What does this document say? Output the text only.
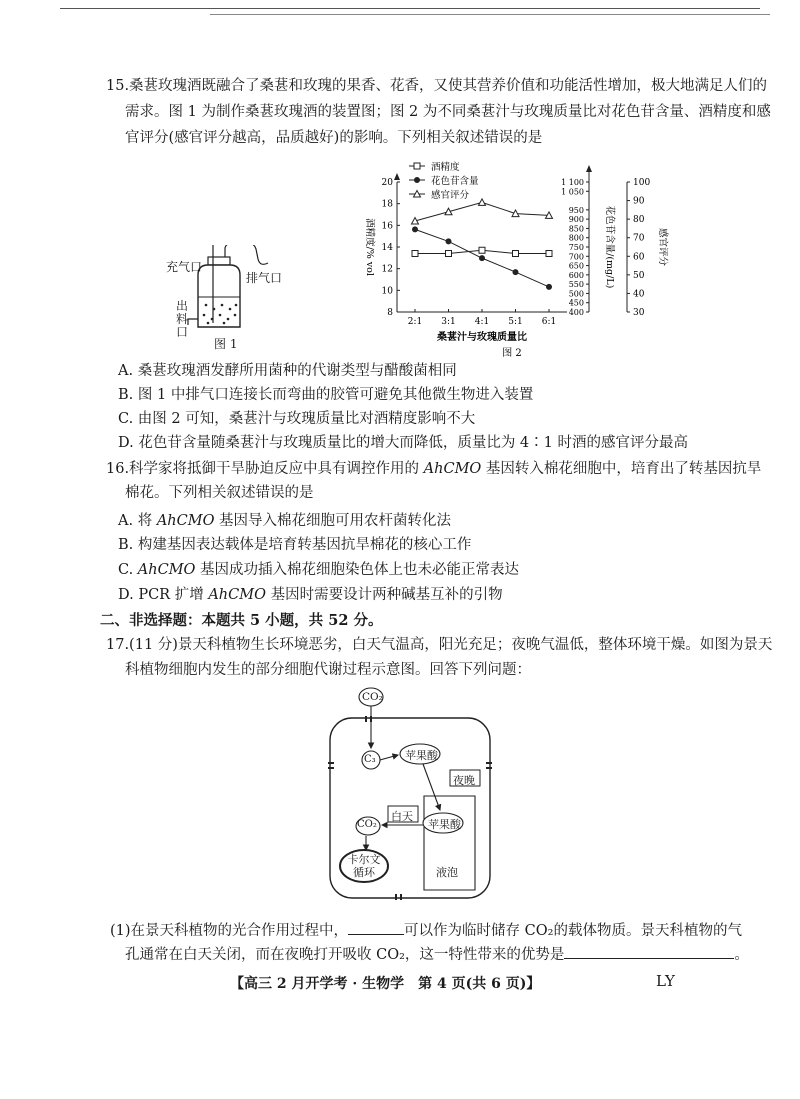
15.桑葚玫瑰酒既融合了桑葚和玫瑰的果香、花香，又使其营养价值和功能活性增加，极大地满足人们的
需求。图 1 为制作桑葚玫瑰酒的装置图；图 2 为不同桑葚汁与玫瑰质量比对花色苷含量、酒精度和感
官评分(感官评分越高，品质越好)的影响。下列相关叙述错误的是
充气口
排气口
出
料
口
图 1
8
10
12
14
16
18
20
400
450
500
550
600
650
700
750
800
850
900
950
1 050
1 100
30
40
50
60
70
80
90
100
酒精度/% vol	花色苷含量/(mg/L)	感官评分
2:1 3:1 4:1 5:1 6:1
桑葚汁与玫瑰质量比
图 2
酒精度
花色苷含量
感官评分
A. 桑葚玫瑰酒发酵所用菌种的代谢类型与醋酸菌相同
B. 图 1 中排气口连接长而弯曲的胶管可避免其他微生物进入装置
C. 由图 2 可知，桑葚汁与玫瑰质量比对酒精度影响不大
D. 花色苷含量随桑葚汁与玫瑰质量比的增大而降低，质量比为 4∶1 时酒的感官评分最高
16.科学家将抵御干旱胁迫反应中具有调控作用的 AhCMO 基因转入棉花细胞中，培育出了转基因抗旱
棉花。下列相关叙述错误的是
A. 将 AhCMO 基因导入棉花细胞可用农杆菌转化法
B. 构建基因表达载体是培育转基因抗旱棉花的核心工作
C. AhCMO 基因成功插入棉花细胞染色体上也未必能正常表达
D. PCR 扩增 AhCMO 基因时需要设计两种碱基互补的引物
二、非选择题：本题共 5 小题，共 52 分。
17.(11 分)景天科植物生长环境恶劣，白天气温高，阳光充足；夜晚气温低，整体环境干燥。如图为景天
科植物细胞内发生的部分细胞代谢过程示意图。回答下列问题：
CO₂
C₃	苹果酸
夜晚
白天
苹果酸
CO₂
卡尔文
循环	液泡
(1)在景天科植物的光合作用过程中，	可以作为临时储存 CO₂的载体物质。景天科植物的气
孔通常在白天关闭，而在夜晚打开吸收 CO₂，这一特性带来的优势是	。
【高三 2 月开学考 · 生物学　第 4 页(共 6 页)】	LY
